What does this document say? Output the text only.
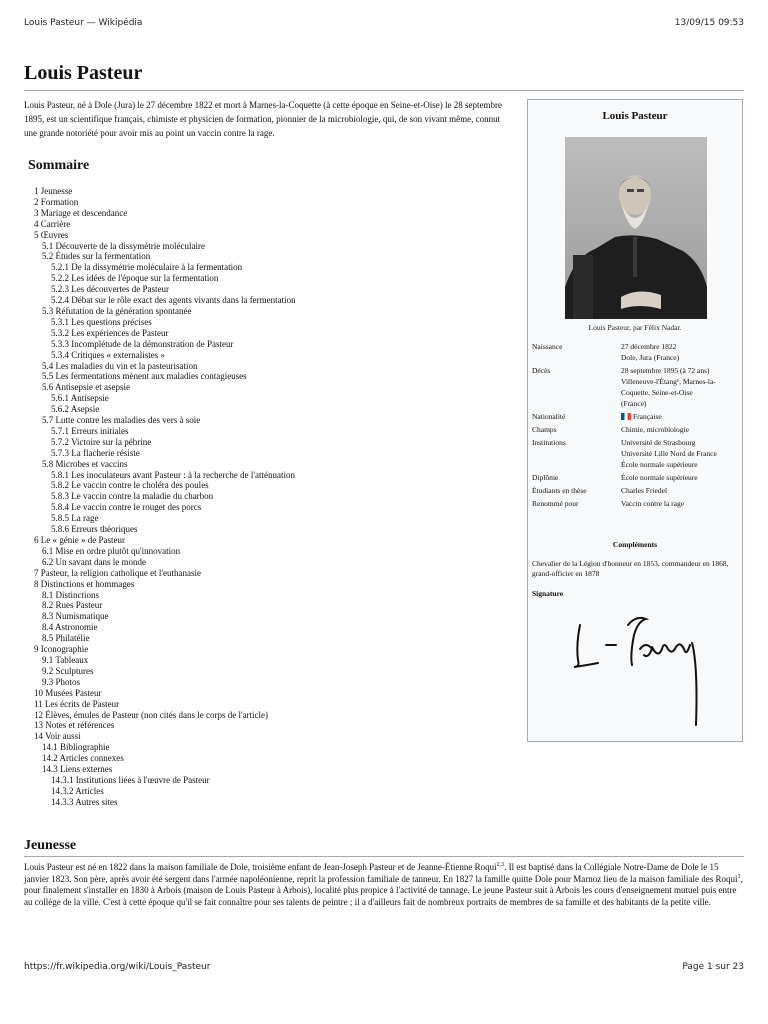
Louis Pasteur — Wikipédia	13/09/15 09:53
Louis Pasteur
Louis Pasteur, né à Dole (Jura) le 27 décembre 1822 et mort à Marnes-la-Coquette (à cette époque en Seine-et-Oise) le 28 septembre 1895, est un scientifique français, chimiste et physicien de formation, pionnier de la microbiologie, qui, de son vivant même, connut une grande notoriété pour avoir mis au point un vaccin contre la rage.
Sommaire
1 Jeunesse
2 Formation
3 Mariage et descendance
4 Carrière
5 Œuvres
5.1 Découverte de la dissymétrie moléculaire
5.2 Études sur la fermentation
5.2.1 De la dissymétrie moléculaire à la fermentation
5.2.2 Les idées de l'époque sur la fermentation
5.2.3 Les découvertes de Pasteur
5.2.4 Débat sur le rôle exact des agents vivants dans la fermentation
5.3 Réfutation de la génération spontanée
5.3.1 Les questions précises
5.3.2 Les expériences de Pasteur
5.3.3 Incomplétude de la démonstration de Pasteur
5.3.4 Critiques « externalistes »
5.4 Les maladies du vin et la pasteurisation
5.5 Les fermentations mènent aux maladies contagieuses
5.6 Antisepsie et asepsie
5.6.1 Antisepsie
5.6.2 Asepsie
5.7 Lutte contre les maladies des vers à soie
5.7.1 Erreurs initiales
5.7.2 Victoire sur la pébrine
5.7.3 La flacherie résiste
5.8 Microbes et vaccins
5.8.1 Les inoculateurs avant Pasteur : à la recherche de l'atténuation
5.8.2 Le vaccin contre le choléra des poules
5.8.3 Le vaccin contre la maladie du charbon
5.8.4 Le vaccin contre le rouget des porcs
5.8.5 La rage
5.8.6 Erreurs théoriques
6 Le « génie » de Pasteur
6.1 Mise en ordre plutôt qu'innovation
6.2 Un savant dans le monde
7 Pasteur, la religion catholique et l'euthanasie
8 Distinctions et hommages
8.1 Distinctions
8.2 Rues Pasteur
8.3 Numismatique
8.4 Astronomie
8.5 Philatélie
9 Iconographie
9.1 Tableaux
9.2 Sculptures
9.3 Photos
10 Musées Pasteur
11 Les écrits de Pasteur
12 Élèves, émules de Pasteur (non cités dans le corps de l'article)
13 Notes et références
14 Voir aussi
14.1 Bibliographie
14.2 Articles connexes
14.3 Liens externes
14.3.1 Institutions liées à l'œuvre de Pasteur
14.3.2 Articles
14.3.3 Autres sites
Louis Pasteur
Louis Pasteur, par Félix Nadar.
Naissance	27 décembre 1822
Dole, Jura (France)
Décès	28 septembre 1895 (à 72 ans)
Villeneuve-l'Étang¹, Marnes-la-
Coquette, Seine-et-Oise
(France)
Nationalité	Française
Champs	Chimie, microbiologie
Institutions	Université de Strasbourg
Université Lille Nord de France
École normale supérieure
Diplôme	École normale supérieure
Étudiants en thèse	Charles Friedel
Renommé pour	Vaccin contre la rage
Compléments
Chevalier de la Légion d'honneur en 1853, commandeur en 1868, grand-officier en 1878
Signature
Jeunesse
Louis Pasteur est né en 1822 dans la maison familiale de Dole, troisième enfant de Jean-Joseph Pasteur et de Jeanne-Étienne Roqui$^{2,3}$. Il est baptisé dans la Collégiale Notre-Dame de Dole le 15 janvier 1823. Son père, après avoir été sergent dans l'armée napoléonienne, reprit la profession familiale de tanneur. En 1827 la famille quitte Dole pour Marnoz lieu de la maison familiale des Roqui$^3$, pour finalement s'installer en 1830 à Arbois (maison de Louis Pasteur à Arbois), localité plus propice à l'activité de tannage. Le jeune Pasteur suit à Arbois les cours d'enseignement mutuel puis entre au collège de la ville. C'est à cette époque qu'il se fait connaître pour ses talents de peintre ; il a d'ailleurs fait de nombreux portraits de membres de sa famille et des habitants de la petite ville.
https://fr.wikipedia.org/wiki/Louis_Pasteur	Page 1 sur 23
